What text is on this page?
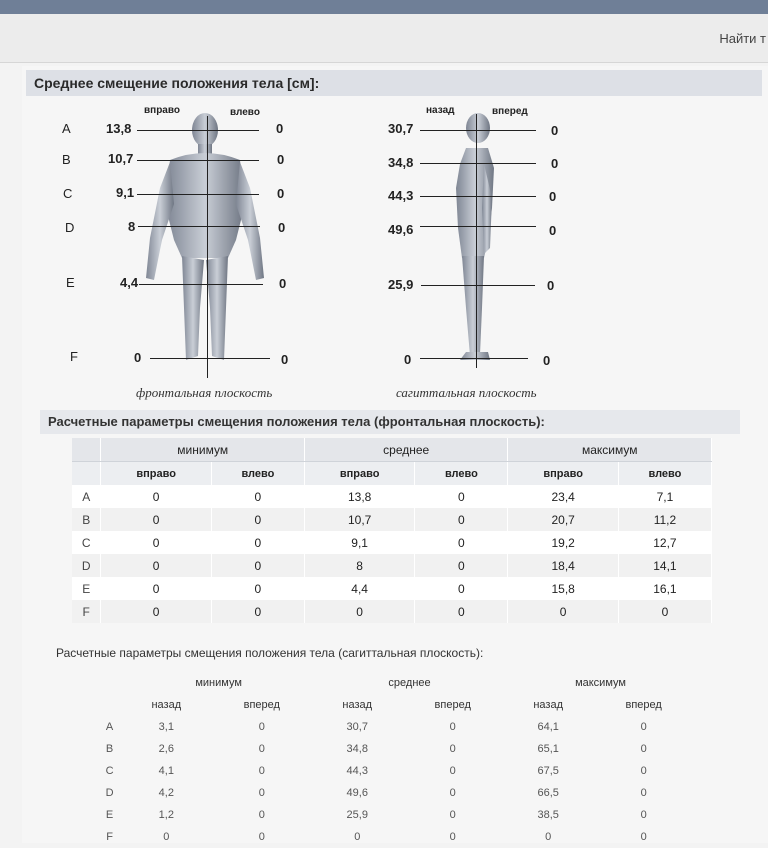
Найти т
Среднее смещение положения тела [см]:
вправо	влево
A	13,8	0
B	10,7	0
C	9,1	0
D	8	0
E	4,4	0
F	0	0
фронтальная плоскость
назад	вперед
30,7	0
34,8	0
44,3	0
49,6	0
25,9	0
0	0
сагиттальная плоскость
Расчетные параметры смещения положения тела (фронтальная плоскость):
	минимум		среднее		максимум	
	вправо	влево	вправо	влево	вправо	влево
A	0	0	13,8	0	23,4	7,1
B	0	0	10,7	0	20,7	11,2
C	0	0	9,1	0	19,2	12,7
D	0	0	8	0	18,4	14,1
E	0	0	4,4	0	15,8	16,1
F	0	0	0	0	0	0
Расчетные параметры смещения положения тела (сагиттальная плоскость):
	минимум		среднее		максимум	
	назад	вперед	назад	вперед	назад	вперед
A	3,1	0	30,7	0	64,1	0
B	2,6	0	34,8	0	65,1	0
C	4,1	0	44,3	0	67,5	0
D	4,2	0	49,6	0	66,5	0
E	1,2	0	25,9	0	38,5	0
F	0	0	0	0	0	0
